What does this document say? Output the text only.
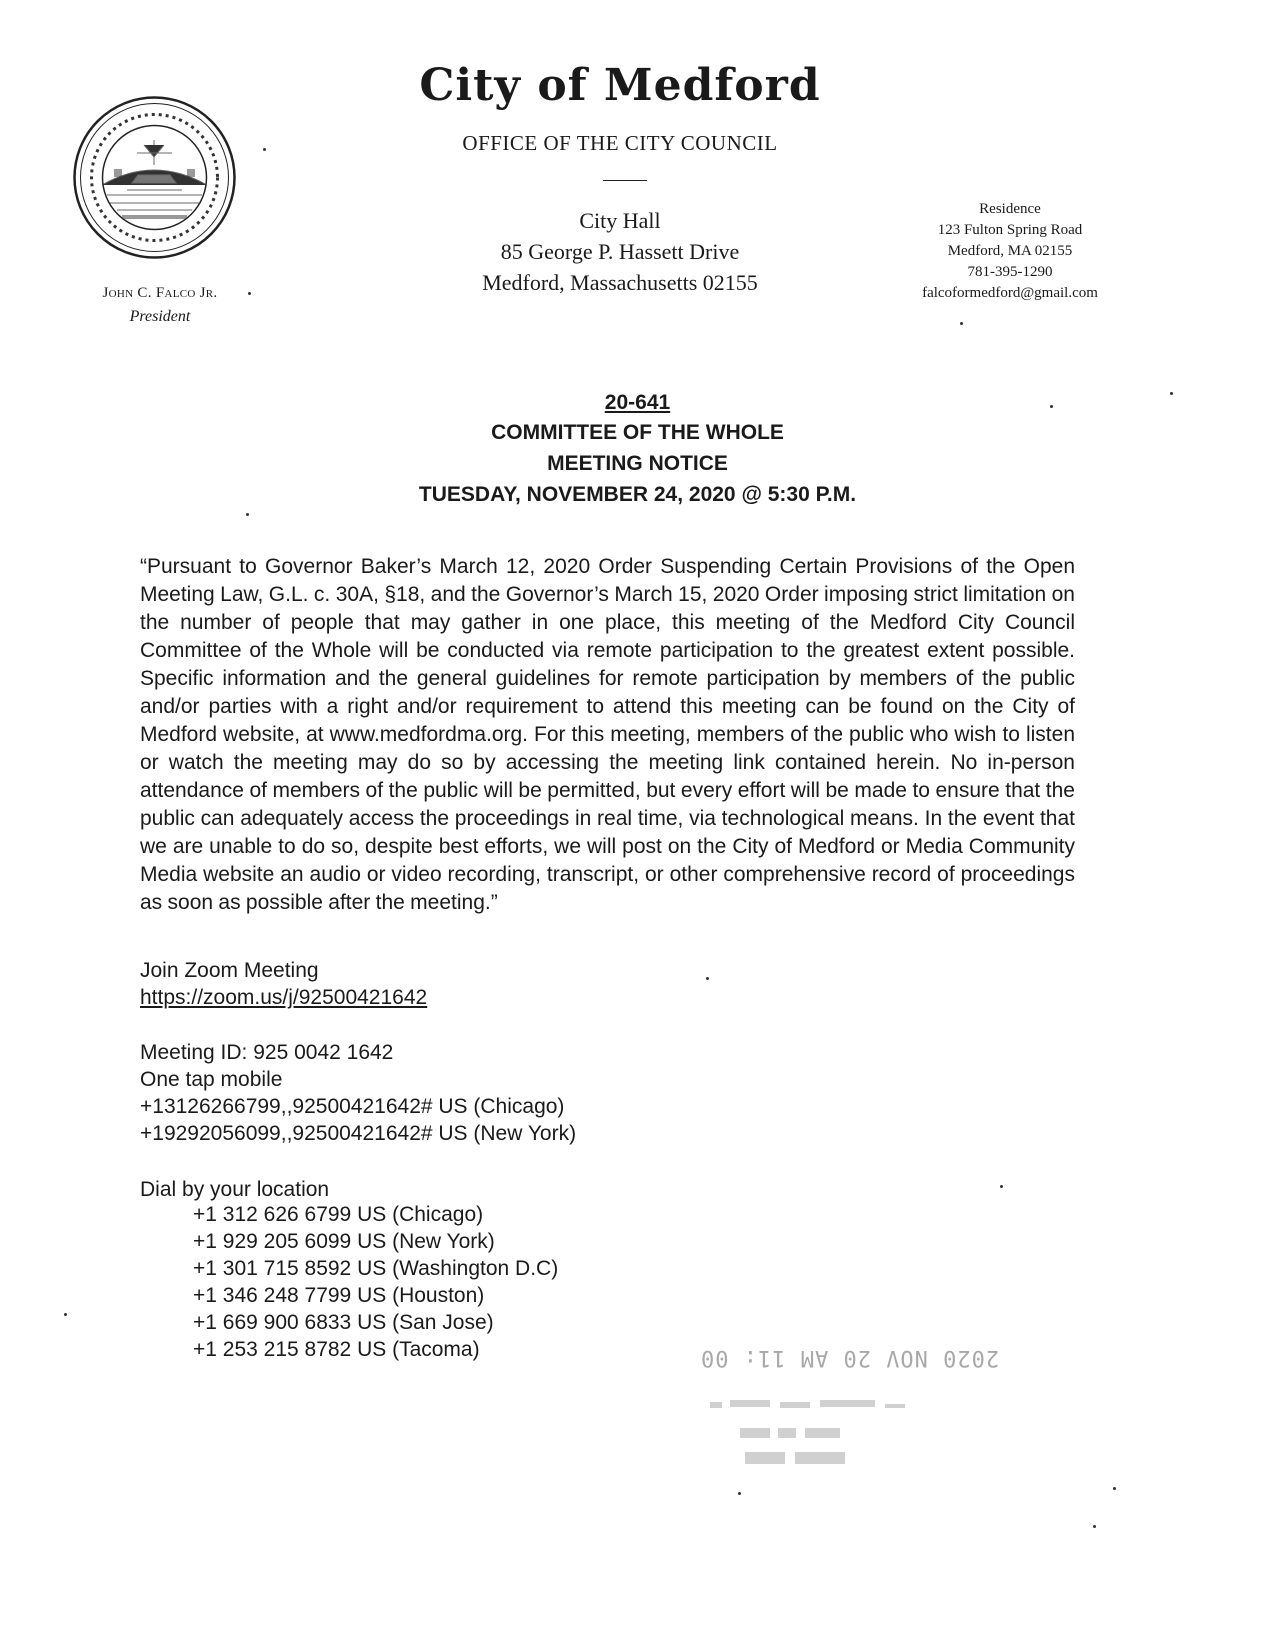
John C. Falco Jr.
President
City of Medford
OFFICE OF THE CITY COUNCIL
City Hall
85 George P. Hassett Drive
Medford, Massachusetts 02155
Residence
123 Fulton Spring Road
Medford, MA 02155
781-395-1290
falcoformedford@gmail.com
20-641
COMMITTEE OF THE WHOLE
MEETING NOTICE
TUESDAY, NOVEMBER 24, 2020 @ 5:30 P.M.
“Pursuant to Governor Baker’s March 12, 2020 Order Suspending Certain Provisions of the Open Meeting Law, G.L. c. 30A, §18, and the Governor’s March 15, 2020 Order imposing strict limitation on the number of people that may gather in one place, this meeting of the Medford City Council Committee of the Whole will be conducted via remote participation to the greatest extent possible. Specific information and the general guidelines for remote participation by members of the public and/or parties with a right and/or requirement to attend this meeting can be found on the City of Medford website, at www.medfordma.org. For this meeting, members of the public who wish to listen or watch the meeting may do so by accessing the meeting link contained herein. No in-person attendance of members of the public will be permitted, but every effort will be made to ensure that the public can adequately access the proceedings in real time, via technological means. In the event that we are unable to do so, despite best efforts, we will post on the City of Medford or Media Community Media website an audio or video recording, transcript, or other comprehensive record of proceedings as soon as possible after the meeting.”
Join Zoom Meeting
https://zoom.us/j/92500421642
Meeting ID: 925 0042 1642
One tap mobile
+13126266799,,92500421642# US (Chicago)
+19292056099,,92500421642# US (New York)
Dial by your location
+1 312 626 6799 US (Chicago)
+1 929 205 6099 US (New York)
+1 301 715 8592 US (Washington D.C)
+1 346 248 7799 US (Houston)
+1 669 900 6833 US (San Jose)
+1 253 215 8782 US (Tacoma)	2020 NOV 20 AM 11: 00
